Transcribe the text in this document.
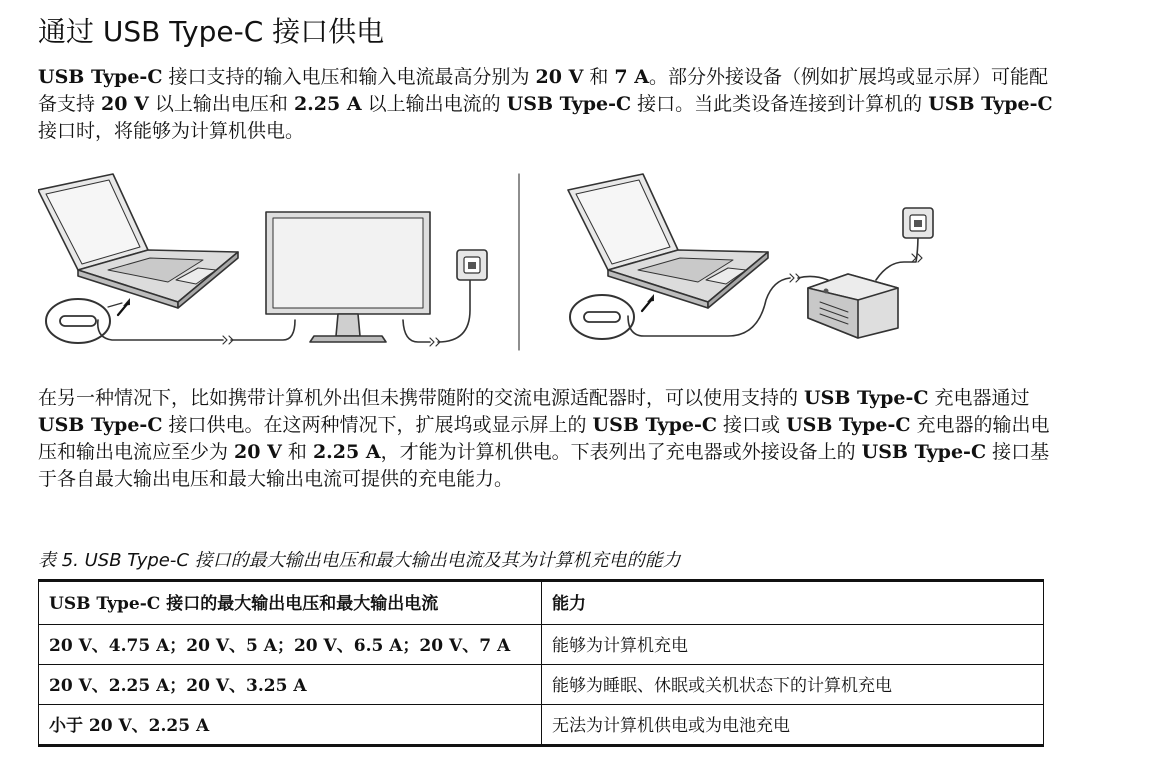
通过 USB Type-C 接口供电

USB Type-C 接口支持的输入电压和输入电流最高分别为 20 V 和 7 A。部分外接设备（例如扩展坞或显示屏）可能配备支持 20 V 以上输出电压和 2.25 A 以上输出电流的 USB Type-C 接口。当此类设备连接到计算机的 USB Type-C 接口时，将能够为计算机供电。

在另一种情况下，比如携带计算机外出但未携带随附的交流电源适配器时，可以使用支持的 USB Type-C 充电器通过 USB Type-C 接口供电。在这两种情况下，扩展坞或显示屏上的 USB Type-C 接口或 USB Type-C 充电器的输出电压和输出电流应至少为 20 V 和 2.25 A，才能为计算机供电。下表列出了充电器或外接设备上的 USB Type-C 接口基于各自最大输出电压和最大输出电流可提供的充电能力。

表 5. USB Type-C 接口的最大输出电压和最大输出电流及其为计算机充电的能力

USB Type-C 接口的最大输出电压和最大输出电流	能力
20 V、4.75 A；20 V、5 A；20 V、6.5 A；20 V、7 A	能够为计算机充电
20 V、2.25 A；20 V、3.25 A	能够为睡眠、休眠或关机状态下的计算机充电
小于 20 V、2.25 A	无法为计算机供电或为电池充电
